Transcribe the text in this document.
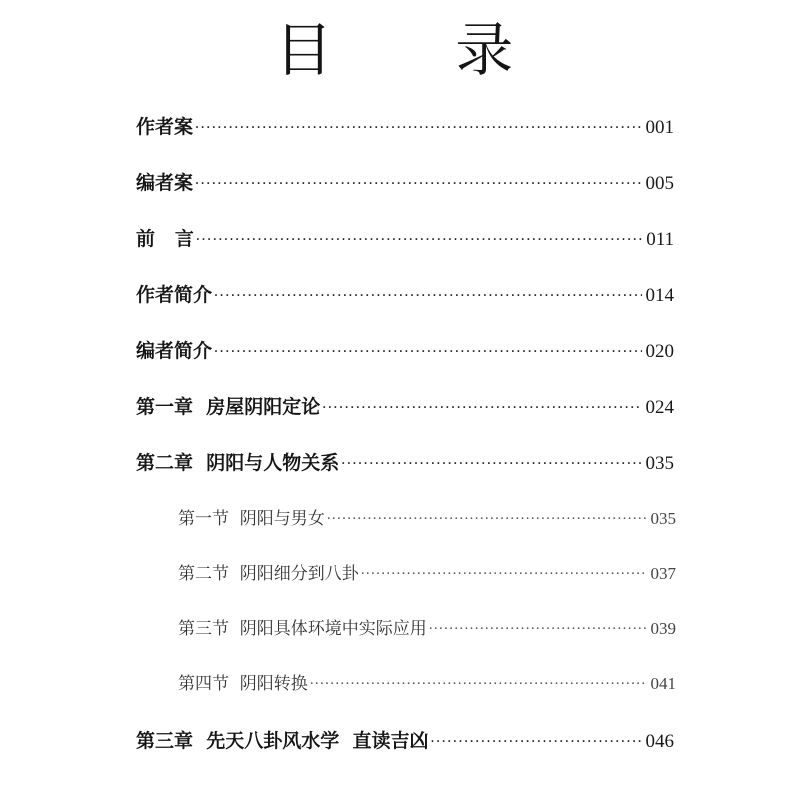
目 录
作者案 . . .	001
编者案 . . .	005
前 言 . . .	011
作者简介 . . .	014
编者简介 . . .	020
第一章  房屋阴阳定论 . . .	024
第二章  阴阳与人物关系 . . .	035
第一节  阴阳与男女 . . .	035
第二节  阴阳细分到八卦 . . .	037
第三节  阴阳具体环境中实际应用 . . .	039
第四节  阴阳转换 . . .	041
第三章  先天八卦风水学  直读吉凶 . . .	046
